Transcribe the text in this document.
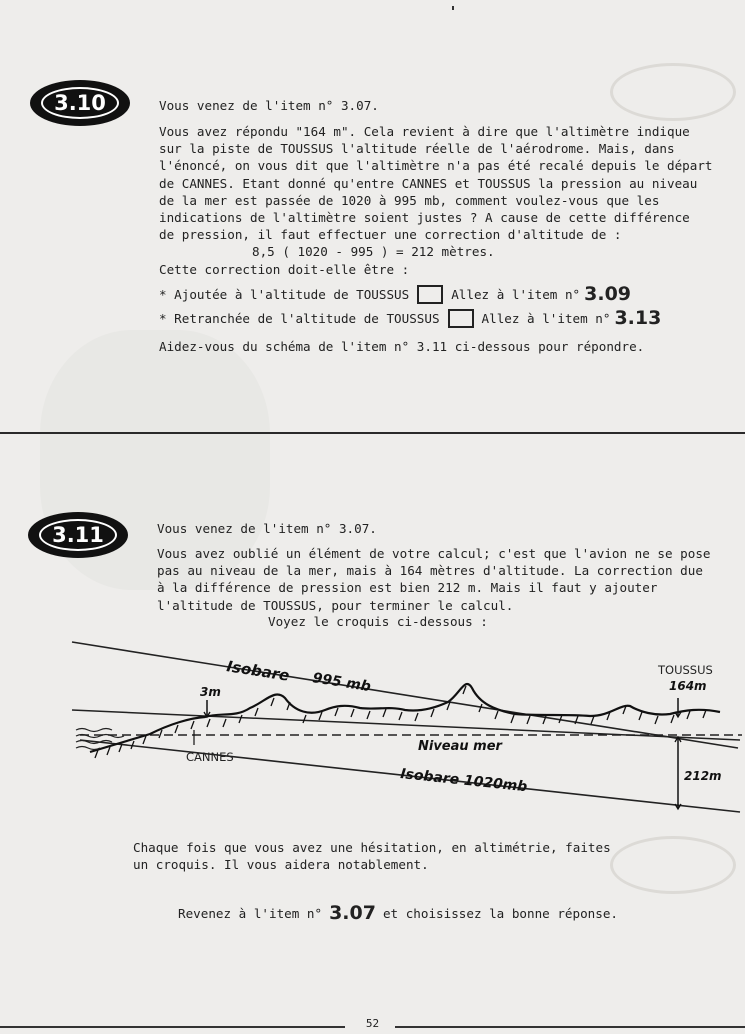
3.10	Vous venez de l'item n° 3.07.
Vous avez répondu "164 m". Cela revient à dire que l'altimètre indique
sur la piste de TOUSSUS l'altitude réelle de l'aérodrome. Mais, dans
l'énoncé, on vous dit que l'altimètre n'a pas été recalé depuis le départ
de CANNES. Etant donné qu'entre CANNES et TOUSSUS la pression au niveau
de la mer est passée de 1020 à 995 mb, comment voulez-vous que les
indications de l'altimètre soient justes ? A cause de cette différence
de pression, il faut effectuer une correction d'altitude de :
8,5 ( 1020 - 995 ) = 212 mètres.
Cette correction doit-elle être :
* Ajoutée à l'altitude de TOUSSUS	Allez à l'item n° 3.09
* Retranchée de l'altitude de TOUSSUS	Allez à l'item n° 3.13
Aidez-vous du schéma de l'item n° 3.11 ci-dessous pour répondre.
3.11	Vous venez de l'item n° 3.07.
Vous avez oublié un élément de votre calcul; c'est que l'avion ne se pose
pas au niveau de la mer, mais à 164 mètres d'altitude. La correction due
à la différence de pression est bien 212 m. Mais il faut y ajouter
l'altitude de TOUSSUS, pour terminer le calcul.
Voyez le croquis ci-dessous :
Isobare 995 mb
3m
CANNES
TOUSSUS
164m
Niveau mer
Isobare 1020mb	212m
Chaque fois que vous avez une hésitation, en altimétrie, faites
un croquis. Il vous aidera notablement.
Revenez à l'item n° 3.07 et choisissez la bonne réponse.
52
